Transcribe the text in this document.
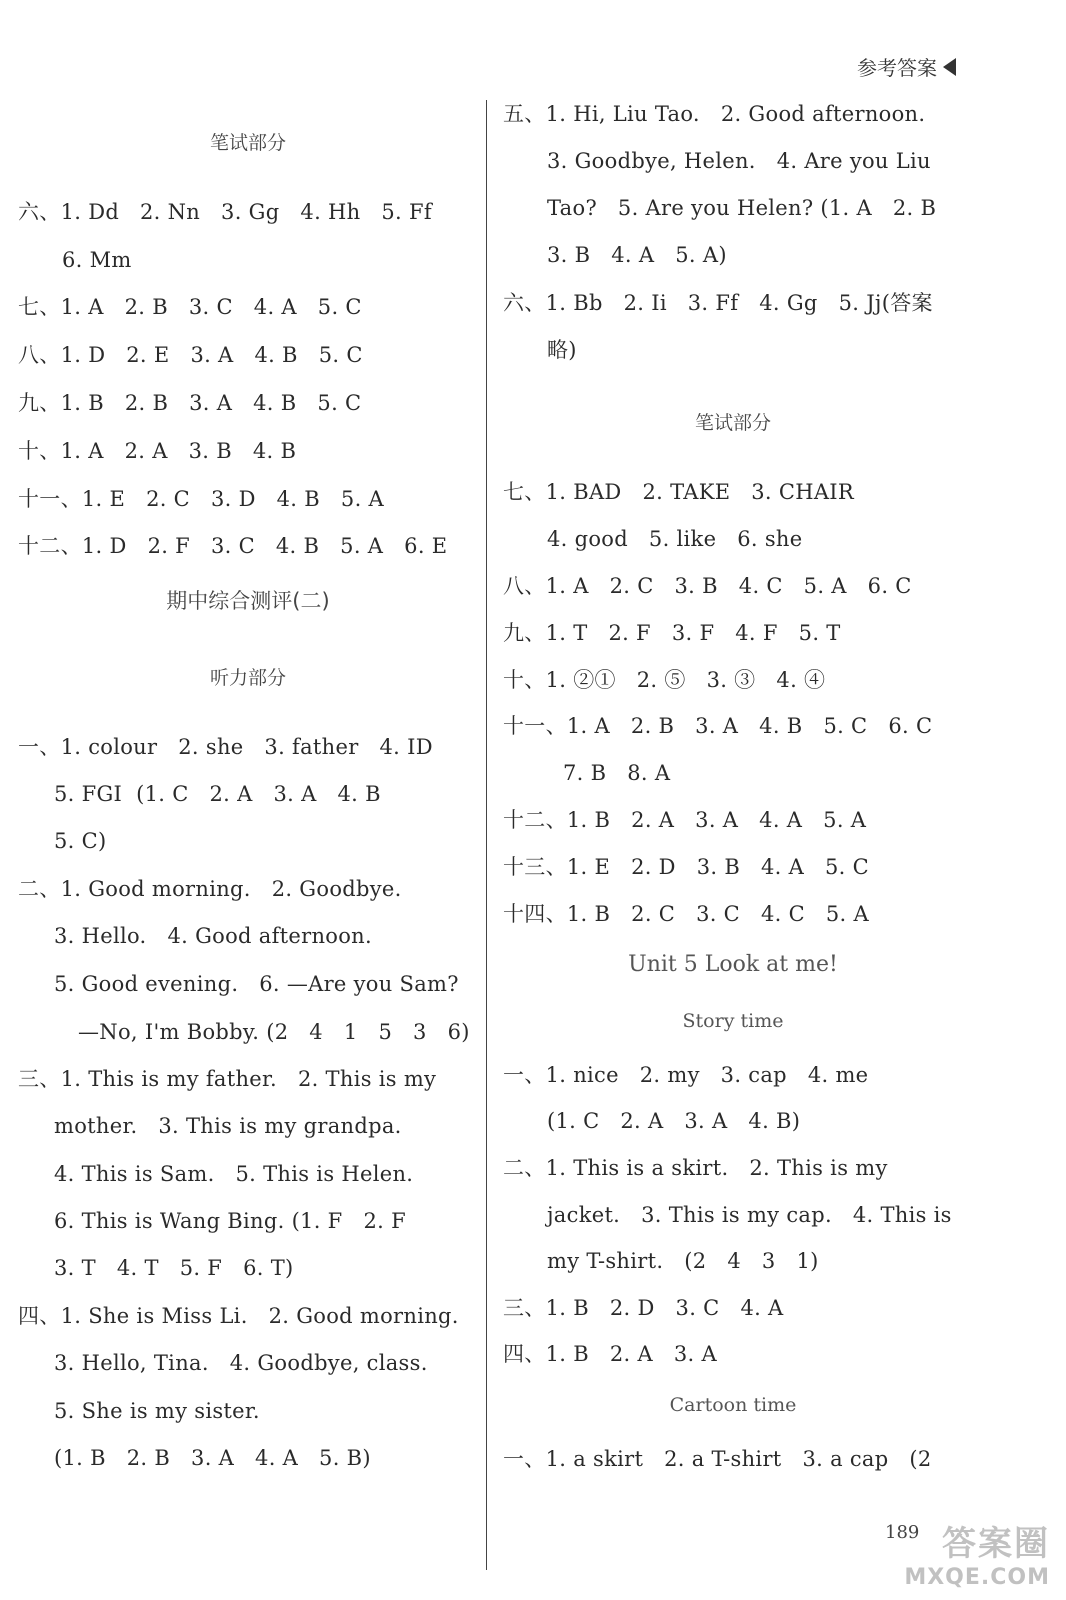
参考答案
笔试部分
六、1. Dd   2. Nn   3. Gg   4. Hh   5. Ff
6. Mm
七、1. A   2. B   3. C   4. A   5. C
八、1. D   2. E   3. A   4. B   5. C
九、1. B   2. B   3. A   4. B   5. C
十、1. A   2. A   3. B   4. B
十一、1. E   2. C   3. D   4. B   5. A
十二、1. D   2. F   3. C   4. B   5. A   6. E
期中综合测评(二)
听力部分
一、1. colour   2. she   3. father   4. ID
5. FGI  (1. C   2. A   3. A   4. B
5. C)
二、1. Good morning.   2. Goodbye.
3. Hello.   4. Good afternoon.
5. Good evening.   6. —Are you Sam?
—No, I'm Bobby. (2   4   1   5   3   6)
三、1. This is my father.   2. This is my
mother.   3. This is my grandpa.
4. This is Sam.   5. This is Helen.
6. This is Wang Bing. (1. F   2. F
3. T   4. T   5. F   6. T)
四、1. She is Miss Li.   2. Good morning.
3. Hello, Tina.   4. Goodbye, class.
5. She is my sister.
(1. B   2. B   3. A   4. A   5. B)
五、1. Hi, Liu Tao.   2. Good afternoon.
3. Goodbye, Helen.   4. Are you Liu
Tao?   5. Are you Helen? (1. A   2. B
3. B   4. A   5. A)
六、1. Bb   2. Ii   3. Ff   4. Gg   5. Jj(答案
略)
笔试部分
七、1. BAD   2. TAKE   3. CHAIR
4. good   5. like   6. she
八、1. A   2. C   3. B   4. C   5. A   6. C
九、1. T   2. F   3. F   4. F   5. T
十、1. ②①   2. ⑤   3. ③   4. ④
十一、1. A   2. B   3. A   4. B   5. C   6. C
7. B   8. A
十二、1. B   2. A   3. A   4. A   5. A
十三、1. E   2. D   3. B   4. A   5. C
十四、1. B   2. C   3. C   4. C   5. A
Unit 5 Look at me!
Story time
一、1. nice   2. my   3. cap   4. me
(1. C   2. A   3. A   4. B)
二、1. This is a skirt.   2. This is my
jacket.   3. This is my cap.   4. This is
my T-shirt.   (2   4   3   1)
三、1. B   2. D   3. C   4. A
四、1. B   2. A   3. A
Cartoon time
一、1. a skirt   2. a T-shirt   3. a cap   (2
189 答案圈
MXQE.COM
